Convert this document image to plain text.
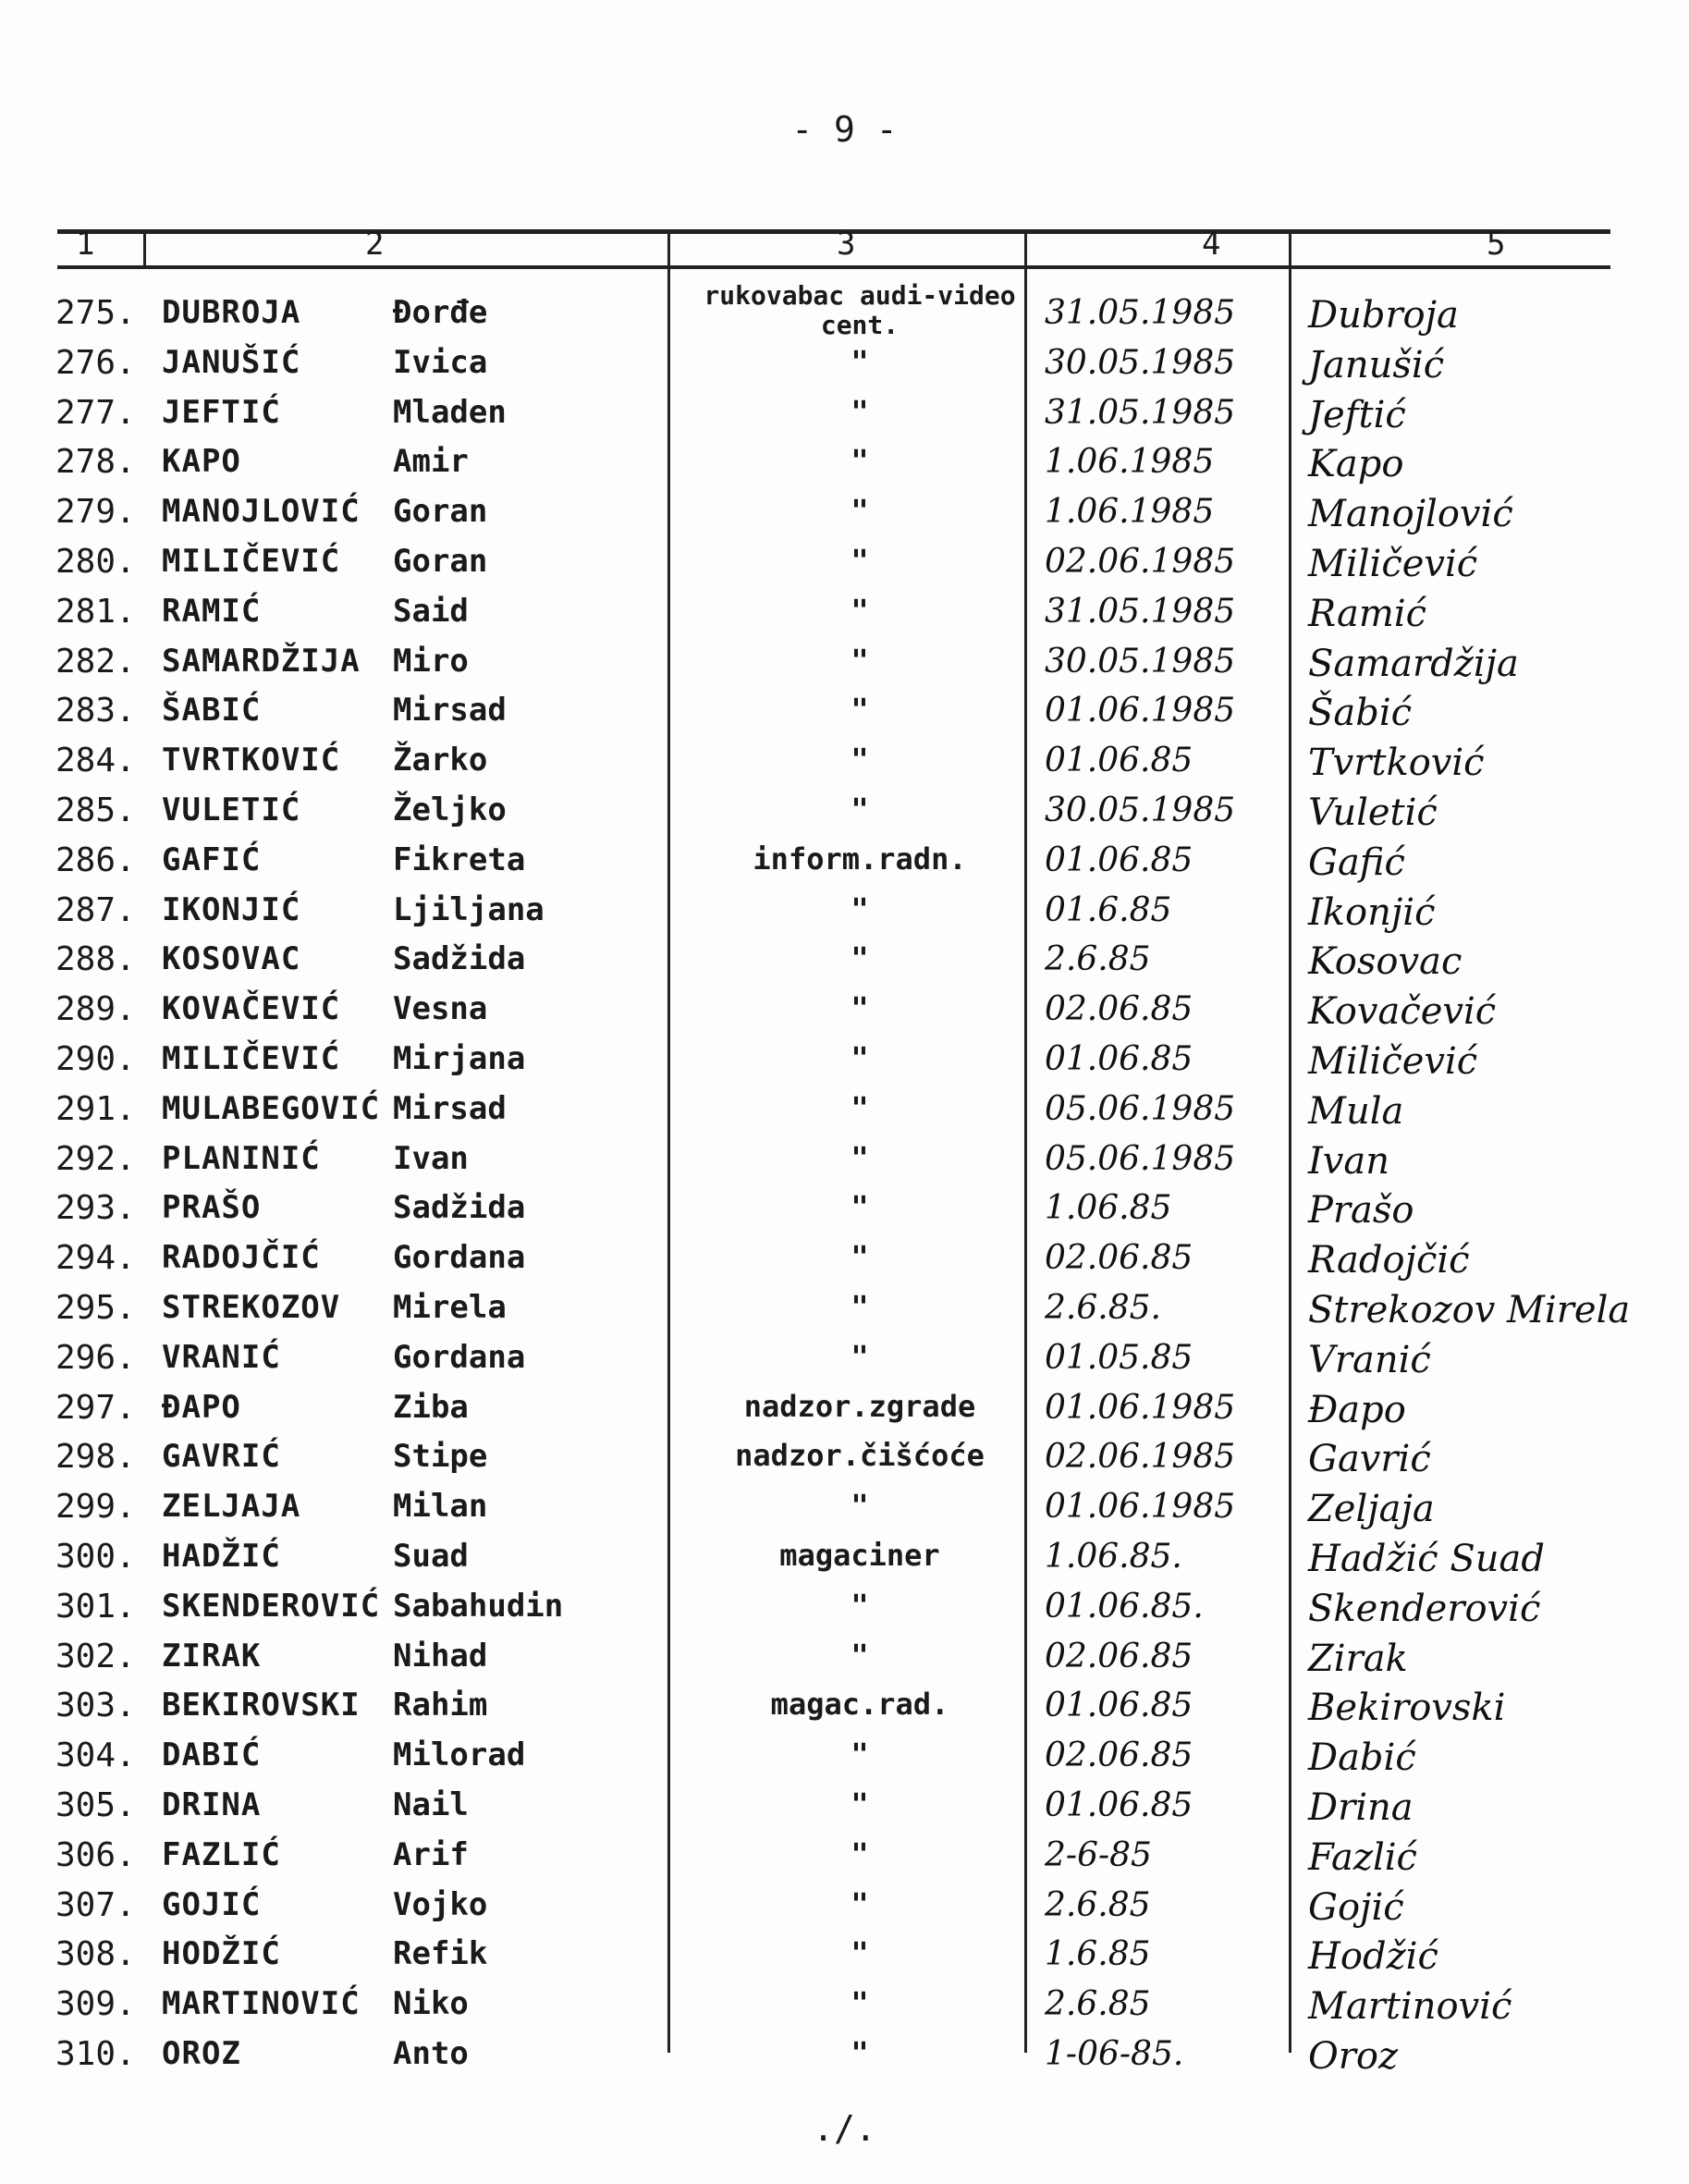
- 9 -
1	2	3	4	5
275. DUBROJA	Đorđe	rukovabac audi-video cent.	31.05.1985 Dubroja
276. JANUŠIĆ	Ivica	"	30.05.1985 Janušić
277. JEFTIĆ	Mladen	"	31.05.1985 Jeftić
278. KAPO	Amir	"	1.06.1985	Kapo
279. MANOJLOVIĆ Goran	"	1.06.1985	Manojlović
280. MILIČEVIĆ Goran	"	02.06.1985 Miličević
281. RAMIĆ	Said	"	31.05.1985 Ramić
282. SAMARDŽIJA Miro	"	30.05.1985 Samardžija
283. ŠABIĆ	Mirsad	"	01.06.1985 Šabić
284. TVRTKOVIĆ Žarko	"	01.06.85	Tvrtković
285. VULETIĆ	Željko	"	30.05.1985 Vuletić
286. GAFIĆ	Fikreta	inform.radn.	01.06.85	Gafić
287. IKONJIĆ	Ljiljana	"	01.6.85	Ikonjić
288. KOSOVAC	Sadžida	"	2.6.85	Kosovac
289. KOVAČEVIĆ Vesna	"	02.06.85	Kovačević
290. MILIČEVIĆ Mirjana	"	01.06.85	Miličević
291. MULABEGOVIĆ Mirsad	"	05.06.1985 Mula
292. PLANINIĆ Ivan	"	05.06.1985 Ivan
293. PRAŠO	Sadžida	"	1.06.85	Prašo
294. RADOJČIĆ Gordana	"	02.06.85	Radojčić
295. STREKOZOV Mirela	"	2.6.85.	Strekozov Mirela
296. VRANIĆ	Gordana	"	01.05.85	Vranić
297. ĐAPO	Ziba	nadzor.zgrade	01.06.1985 Đapo
298. GAVRIĆ	Stipe	nadzor.čišćoće	02.06.1985 Gavrić
299. ZELJAJA	Milan	"	01.06.1985 Zeljaja
300. HADŽIĆ	Suad	magaciner	1.06.85.	Hadžić Suad
301. SKENDEROVIĆ Sabahudin	"	01.06.85.	Skenderović
302. ZIRAK	Nihad	"	02.06.85	Zirak
303. BEKIROVSKI Rahim	magac.rad.	01.06.85	Bekirovski
304. DABIĆ	Milorad	"	02.06.85	Dabić
305. DRINA	Nail	"	01.06.85	Drina
306. FAZLIĆ	Arif	"	2-6-85	Fazlić
307. GOJIĆ	Vojko	"	2.6.85	Gojić
308. HODŽIĆ	Refik	"	1.6.85	Hodžić
309. MARTINOVIĆ Niko	"	2.6.85	Martinović
310. OROZ	Anto	"	1-06-85.	Oroz
./.
